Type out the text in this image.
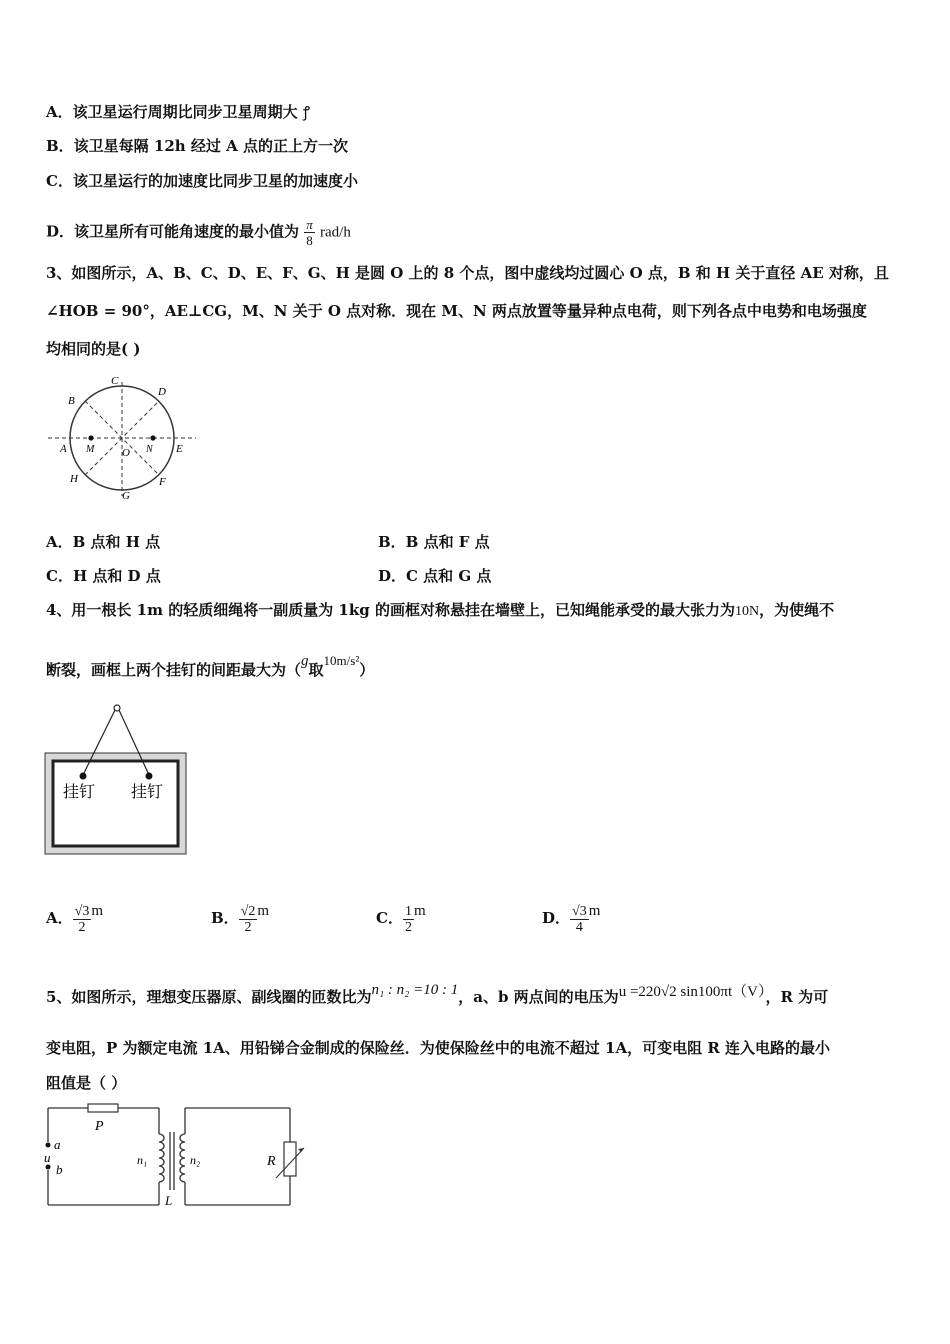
A．该卫星运行周期比同步卫星周期大 ꝭ
B．该卫星每隔 12h 经过 A 点的正上方一次
C．该卫星运行的加速度比同步卫星的加速度小
D．该卫星所有可能角速度的最小值为 $\frac{\pi}{8} rad/h$
3、如图所示，A、B、C、D、E、F、G、H 是圆 O 上的 8 个点，图中虚线均过圆心 O 点，B 和 H 关于直径 AE 对称，且
∠HOB = 90°，AE⊥CG，M、N 关于 O 点对称．现在 M、N 两点放置等量异种点电荷，则下列各点中电势和电场强度
均相同的是( )
C
D
B
A M	O N E
H
G
F
A．B 点和 H 点	B．B 点和 F 点
C．H 点和 D 点	D．C 点和 G 点
4、用一根长 1m 的轻质细绳将一副质量为 1kg 的画框对称悬挂在墙壁上，已知绳能承受的最大张力为10N，为使绳不
断裂，画框上两个挂钉的间距最大为（g取10m/s²）
挂钉 挂钉
A． $\frac{√3}{2}$ m	B． $\frac{√2}{2}$ m	C． $\frac{1}{2}$ m	D． $\frac{√3}{4}$ m
5、如图所示，理想变压器原、副线圈的匝数比为n₁ : n₂ =10 : 1，a、b 两点间的电压为u =220√2 sin100πt（V），R 为可
变电阻，P 为额定电流 1A、用铅锑合金制成的保险丝．为使保险丝中的电流不超过 1A，可变电阻 R 连入电路的最小
阻值是（ ）
P
a
u
b
n₁	n₂	R
L
